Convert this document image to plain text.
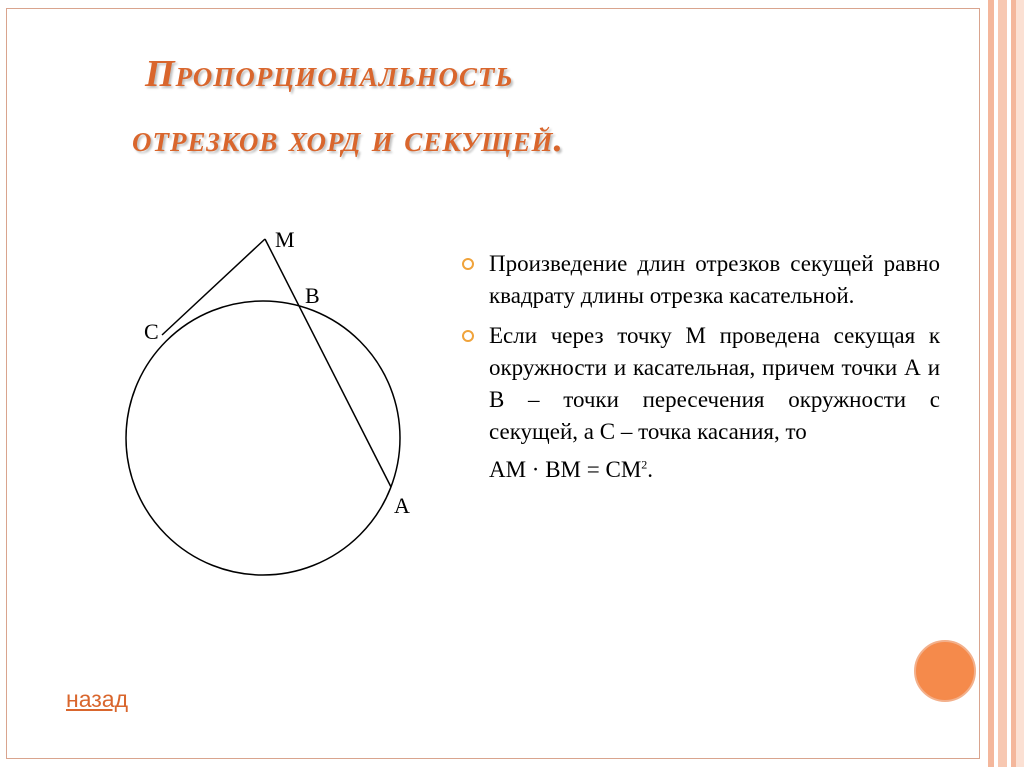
Пропорциональность
отрезков хорд и секущей.
M
B
C
A
Произведение длин отрезков секущей равно квадрату длины отрезка касательной.
Если через точку М проведена секущая к окружности и касательная, причем точки А и В – точки пересечения окружности с секущей, а С – точка касания, то
АМ · ВМ = $СМ^2$.
назад
